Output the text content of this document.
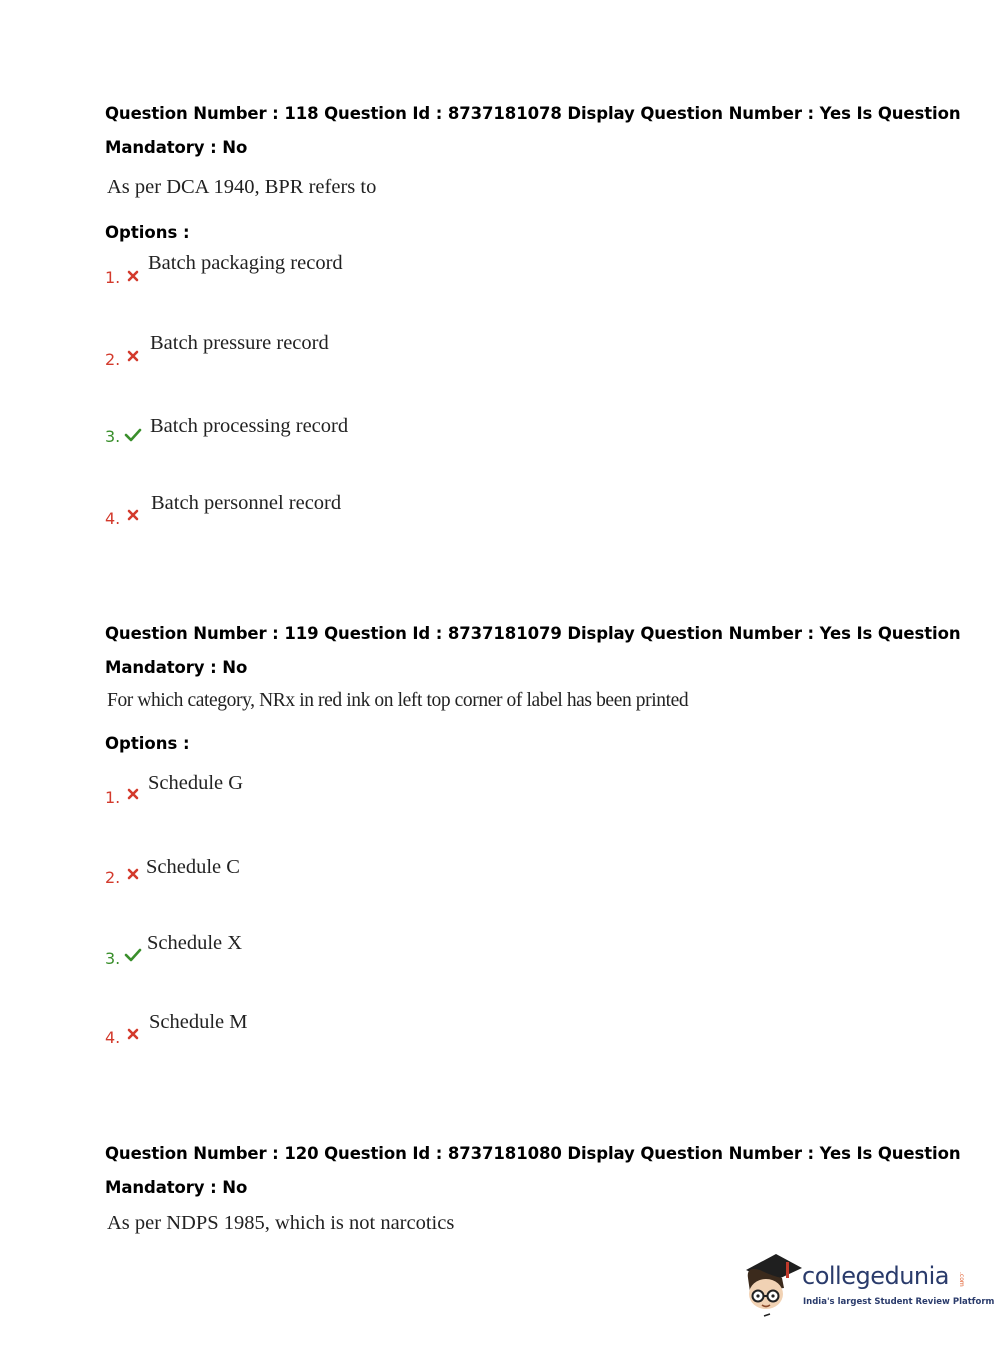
Question Number : 118 Question Id : 8737181078 Display Question Number : Yes Is Question
Mandatory : No
As per DCA 1940, BPR refers to
Options :
1.
Batch packaging record
2.
Batch pressure record
3. Batch processing record
4.
Batch personnel record
Question Number : 119 Question Id : 8737181079 Display Question Number : Yes Is Question
Mandatory : No
For which category, NRx in red ink on left top corner of label has been printed
Options :
1.
Schedule G
2. Schedule C
3.
Schedule X
4.
Schedule M
Question Number : 120 Question Id : 8737181080 Display Question Number : Yes Is Question
Mandatory : No
As per NDPS 1985, which is not narcotics
collegedunia .com
India's largest Student Review Platform
